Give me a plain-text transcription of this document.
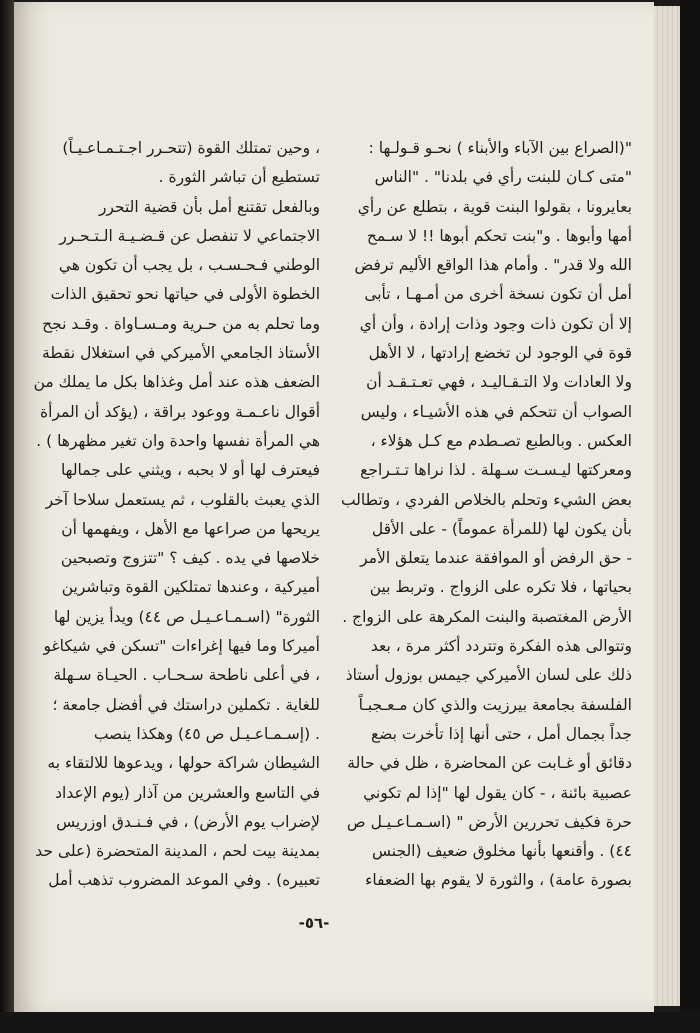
"(الصراع بين الآباء والأبناء ) نحـو قـولـها :
"متى كـان للبنت رأي في بلدنا" . "الناس
بعايرونا ، بقولوا البنت قوية ، بتطلع عن رأي
أمها وأبوها . و"بنت تحكم أبوها !! لا سـمح
الله ولا قدر" . وأمام هذا الواقع الأليم ترفض
أمل أن تكون نسخة أخرى من أمـهـا ، تأبى
إلا أن تكون ذات وجود وذات إرادة ، وأن أي
قوة في الوجود لن تخضع إرادتها ، لا الأهل
ولا العادات ولا التـقـاليـد ، فهي تعـتـقـد أن
الصواب أن تتحكم في هذه الأشيـاء ، وليس
العكس . وبالطبع تصـطدم مع كـل هؤلاء ،
ومعركتها ليـسـت سـهلة . لذا نراها تـتـراجع
بعض الشيء وتحلم بالخلاص الفردي ، وتطالب
بأن يكون لها (للمرأة عموماً) - على الأقل
- حق الرفض أو الموافقة عندما يتعلق الأمر
بحياتها ، فلا تكره على الزواج . وتربط بين
الأرض المغتصبة والبنت المكرهة على الزواج .
وتتوالى هذه الفكرة وتتردد أكثر مرة ، بعد
ذلك على لسان الأميركي جيمس بوزول أستاذ
الفلسفة بجامعة بيرزيت والذي كان مـعـجبـاً
جداً بجمال أمل ، حتى أنها إذا تأخرت بضع
دقائق أو غـابت عن المحاضرة ، ظل في حالة
عصبية بائنة ، - كان يقول لها "إذا لم تكوني
حرة فكيف تحررين الأرض " (اسـمـاعـيـل ص
٤٤) . وأقنعها بأنها مخلوق ضعيف (الجنس
بصورة عامة) ، والثورة لا يقوم بها الضعفاء
، وحين تمتلك القوة (تتحـرر اجـتـمـاعـيـاً)
تستطيع أن تباشر الثورة .
وبالفعل تقتنع أمل بأن قضية التحرر
الاجتماعي لا تنفصل عن قـضـيـة الـتـحـرر
الوطني فـحـسـب ، بل يجب أن تكون هي
الخطوة الأولى في حياتها نحو تحقيق الذات
وما تحلم به من حـرية ومـسـاواة . وقـد نجح
الأستاذ الجامعي الأميركي في استغلال نقطة
الضعف هذه عند أمل وغذاها بكل ما يملك من
أقوال ناعـمـة ووعود براقة ، (يؤكد أن المرأة
هي المرأة نفسها واحدة وان تغير مظهرها ) .
فيعترف لها أو لا بحبه ، ويثني على جمالها
الذي يعبث بالقلوب ، ثم يستعمل سلاحا آخر
يريحها من صراعها مع الأهل ، ويفهمها أن
خلاصها في يده . كيف ؟ "تتزوج وتصبحين
أميركية ، وعندها تمتلكين القوة وتباشرين
الثورة" (اسـمـاعـيـل ص ٤٤) ويدأ يزين لها
أميركا وما فيها إغراءات "تسكن في شيكاغو
، في أعلى ناطحة سـحـاب . الحيـاة سـهلة
للغاية . تكملين دراستك في أفضل جامعة ؛
. (إسـمـاعـيـل ص ٤٥) وهكذا ينصب
الشيطان شراكة حولها ، ويدعوها للالتقاء به
في التاسع والعشرين من آذار (يوم الإعداد
لإضراب يوم الأرض) ، في فـنـدق اوزريس
بمدينة بيت لحم ، المدينة المتحضرة (على حد
تعبيره) . وفي الموعد المضروب تذهب أمل
-٥٦-
